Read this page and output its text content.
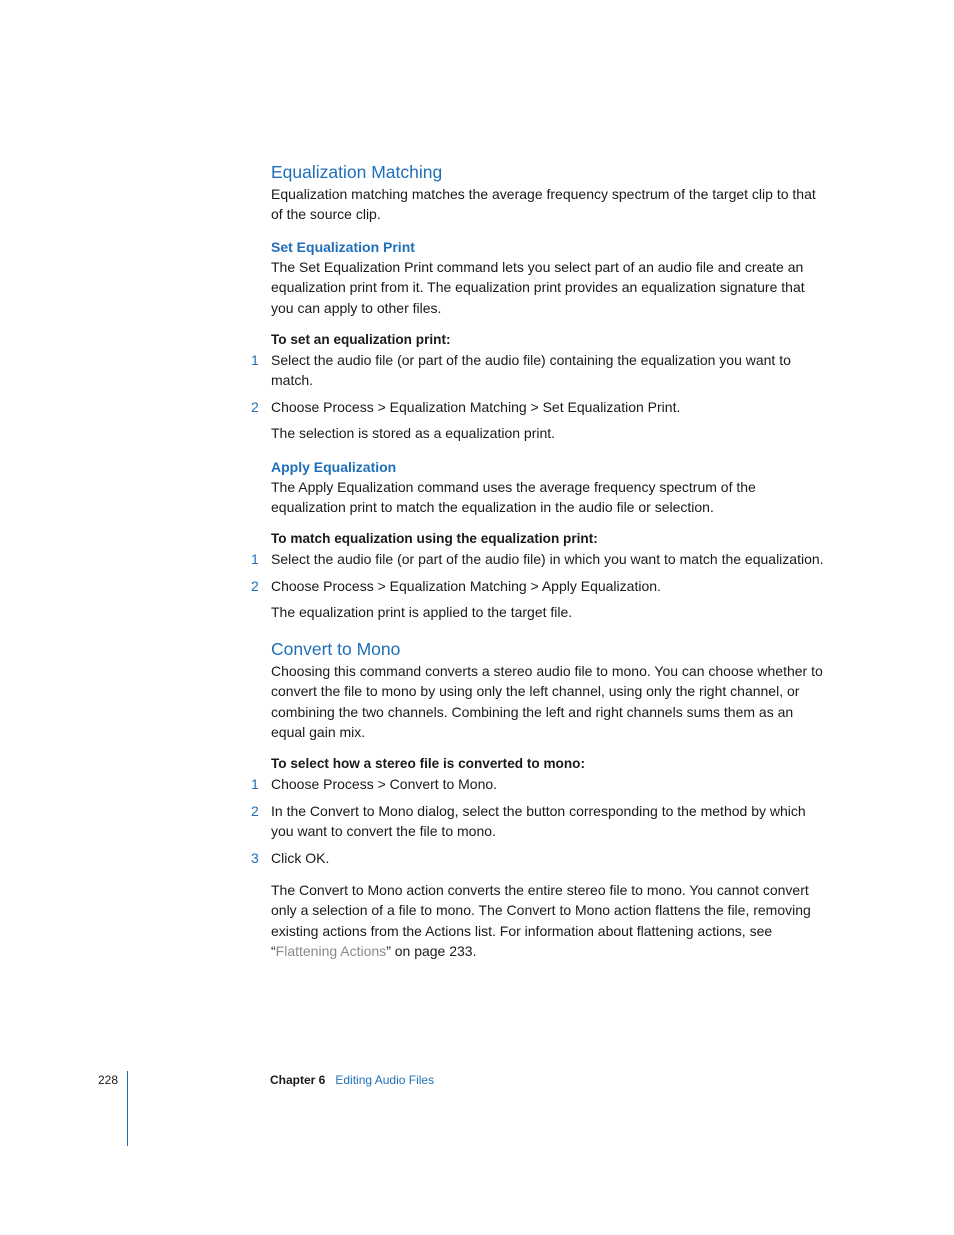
Equalization Matching

Equalization matching matches the average frequency spectrum of the target clip to that of the source clip.

Set Equalization Print

The Set Equalization Print command lets you select part of an audio file and create an equalization print from it. The equalization print provides an equalization signature that you can apply to other files.

To set an equalization print:

1 Select the audio file (or part of the audio file) containing the equalization you want to match.
2 Choose Process > Equalization Matching > Set Equalization Print.

The selection is stored as a equalization print.

Apply Equalization

The Apply Equalization command uses the average frequency spectrum of the equalization print to match the equalization in the audio file or selection.

To match equalization using the equalization print:

1 Select the audio file (or part of the audio file) in which you want to match the equalization.
2 Choose Process > Equalization Matching > Apply Equalization.

The equalization print is applied to the target file.

Convert to Mono

Choosing this command converts a stereo audio file to mono. You can choose whether to convert the file to mono by using only the left channel, using only the right channel, or combining the two channels. Combining the left and right channels sums them as an equal gain mix.

To select how a stereo file is converted to mono:

1 Choose Process > Convert to Mono.
2 In the Convert to Mono dialog, select the button corresponding to the method by which you want to convert the file to mono.
3 Click OK.

The Convert to Mono action converts the entire stereo file to mono. You cannot convert only a selection of a file to mono. The Convert to Mono action flattens the file, removing existing actions from the Actions list. For information about flattening actions, see “Flattening Actions” on page 233.

228	Chapter 6 Editing Audio Files
